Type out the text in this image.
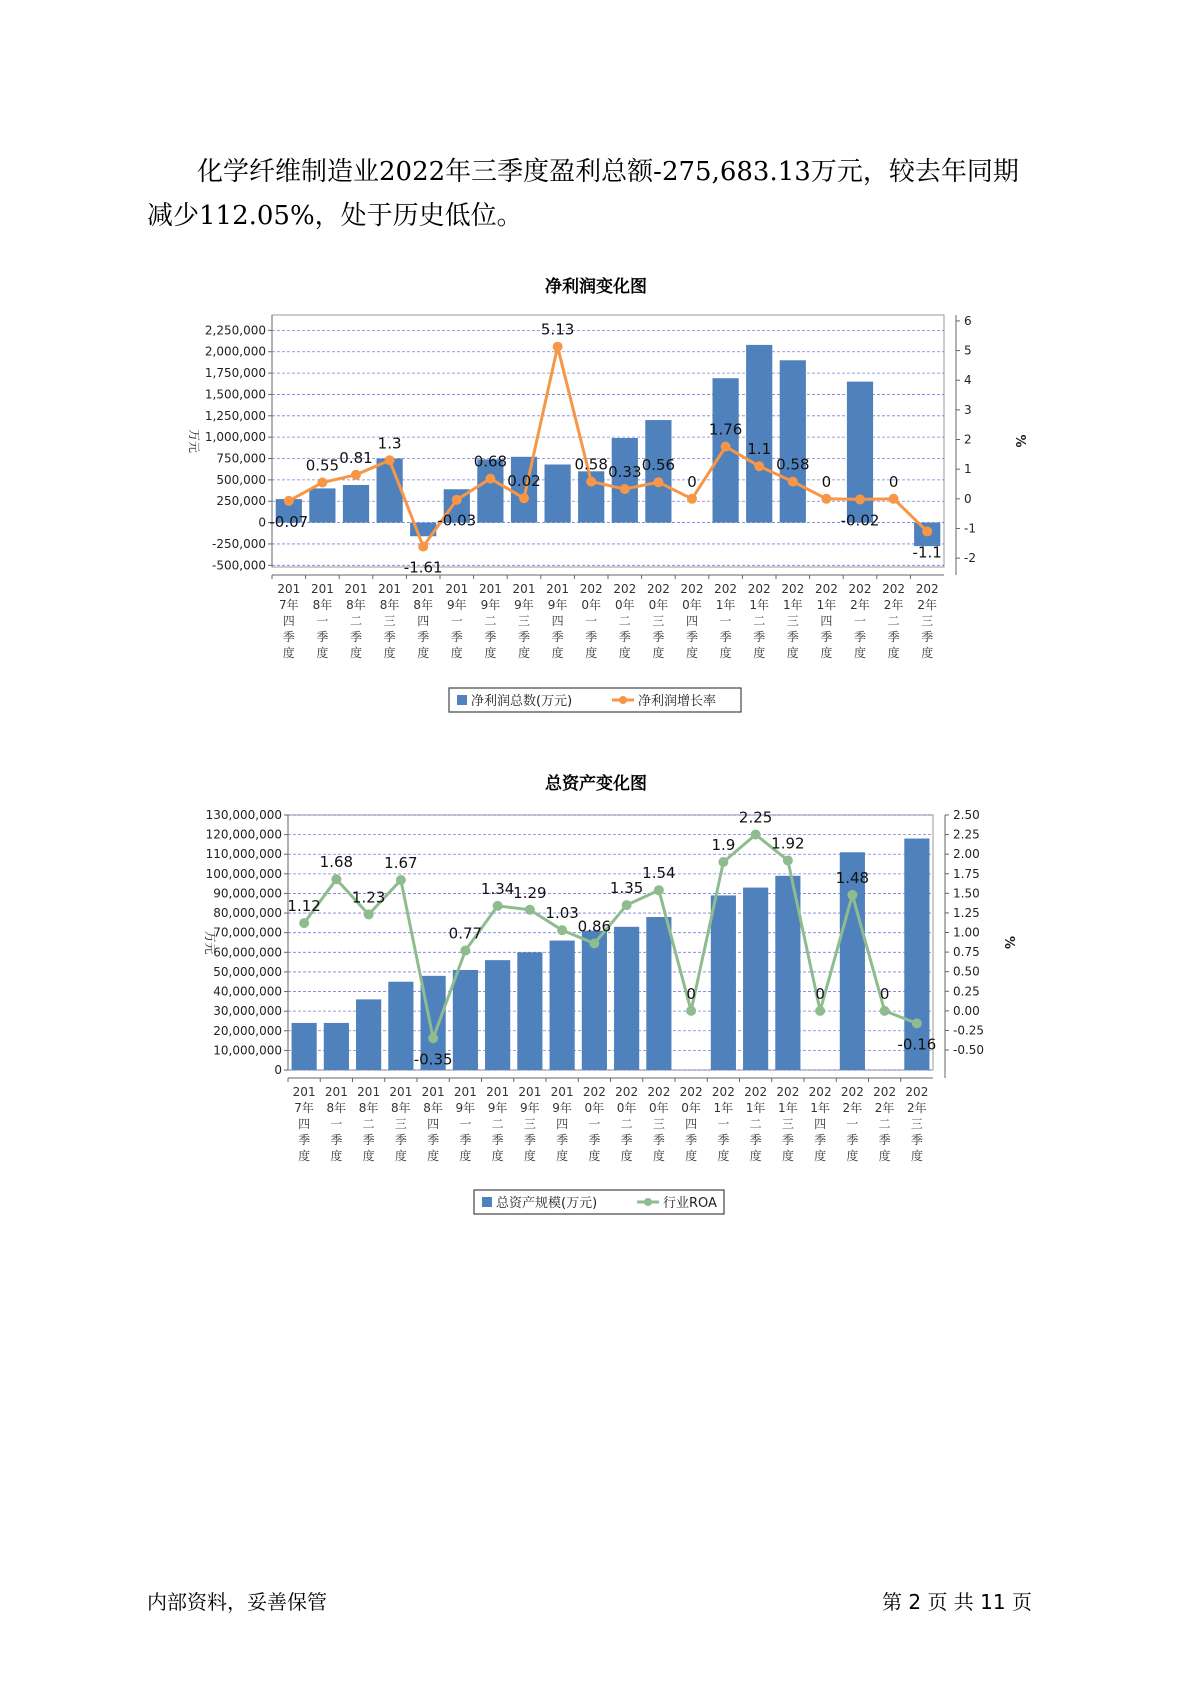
化学纤维制造业2022年三季度盈利总额-275,683.13万元，较去年同期
减少112.05%，处于历史低位。
净利润变化图
2,250,000
2,000,000
1,750,000
1,500,000
1,250,000
1,000,000
750,000
500,000
250,000
0
-250,000
-500,000
6
5
4
3
2
1
0
-1
-2
万元	%
201
7年
四
季
度
201
8年
一
季
度
201
8年
二
季
度
201
8年
三
季
度
201
8年
四
季
度
201
9年
一
季
度
201
9年
二
季
度
201
9年
三
季
度
201
9年
四
季
度
202
0年
一
季
度
202
0年
二
季
度
202
0年
三
季
度
202
0年
四
季
度
202
1年
一
季
度
202
1年
二
季
度
202
1年
三
季
度
202
1年
四
季
度
202
2年
一
季
度
202
2年
二
季
度
202
2年
三
季
度
-0.07
0.55 0.81
1.3
-1.61
-0.03
0.68
0.02
5.13
0.58 0.33 0.56
0
1.76
1.1
0.58
0
-0.02
0
-1.1
净利润总数(万元)	净利润增长率
总资产变化图
130,000,000
120,000,000
110,000,000
100,000,000
90,000,000
80,000,000
70,000,000
60,000,000
50,000,000
40,000,000
30,000,000
20,000,000
10,000,000
0
2.50
2.25
2.00
1.75
1.50
1.25
1.00
0.75
0.50
0.25
0.00
-0.25
-0.50
万元	%
201
7年
四
季
度
201
8年
一
季
度
201
8年
二
季
度
201
8年
三
季
度
201
8年
四
季
度
201
9年
一
季
度
201
9年
二
季
度
201
9年
三
季
度
201
9年
四
季
度
202
0年
一
季
度
202
0年
二
季
度
202
0年
三
季
度
202
0年
四
季
度
202
1年
一
季
度
202
1年
二
季
度
202
1年
三
季
度
202
1年
四
季
度
202
2年
一
季
度
202
2年
二
季
度
202
2年
三
季
度
1.12
1.68
1.23
1.67
-0.35
0.77
1.34
1.29
1.03
0.86
1.35
1.54
0
1.9
2.25
1.92
0
1.48
0
-0.16
总资产规模(万元)	行业ROA
内部资料，妥善保管	第 2 页 共 11 页
